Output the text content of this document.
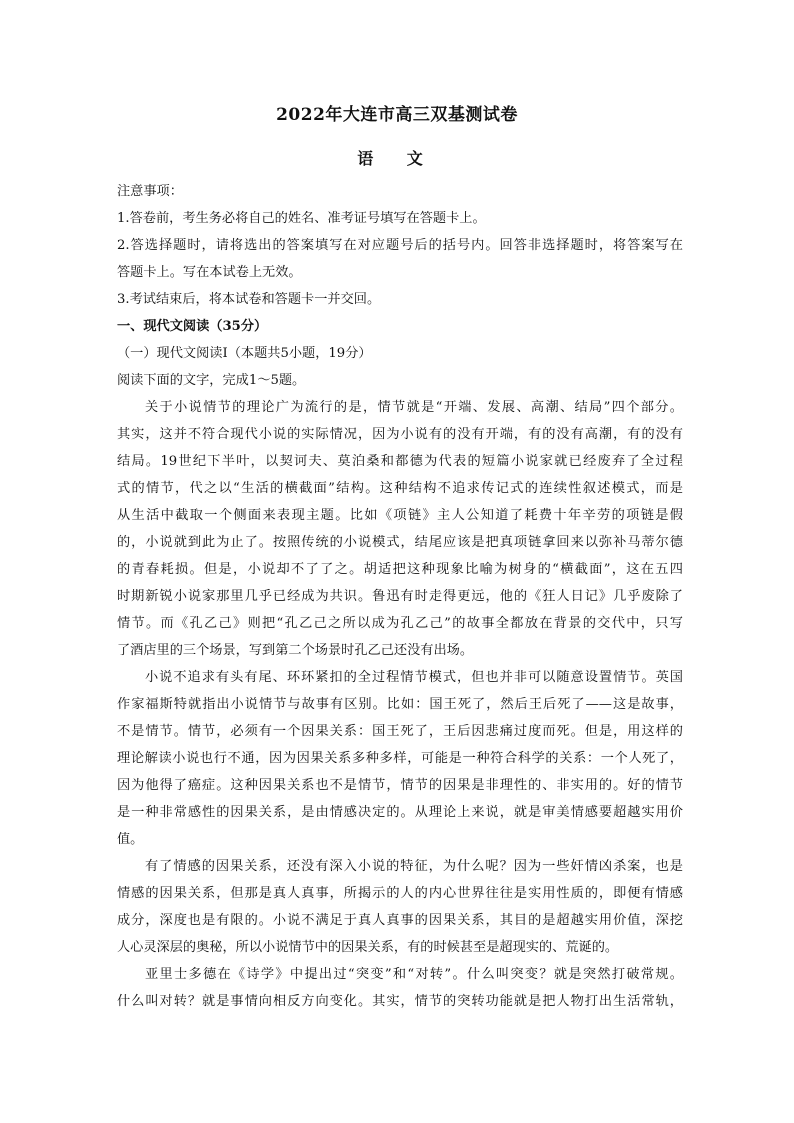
2022年大连市高三双基测试卷
语 文
注意事项：
1.答卷前，考生务必将自己的姓名、准考证号填写在答题卡上。
2.答选择题时，请将选出的答案填写在对应题号后的括号内。回答非选择题时，将答案写在
答题卡上。写在本试卷上无效。
3.考试结束后，将本试卷和答题卡一并交回。
一、现代文阅读（35分）
（一）现代文阅读Ⅰ（本题共5小题，19分）
阅读下面的文字，完成1～5题。
关于小说情节的理论广为流行的是，情节就是“开端、发展、高潮、结局”四个部分。
其实，这并不符合现代小说的实际情况，因为小说有的没有开端，有的没有高潮，有的没有
结局。19世纪下半叶，以契诃夫、莫泊桑和都德为代表的短篇小说家就已经废弃了全过程
式的情节，代之以“生活的横截面”结构。这种结构不追求传记式的连续性叙述模式，而是
从生活中截取一个侧面来表现主题。比如《项链》主人公知道了耗费十年辛劳的项链是假
的，小说就到此为止了。按照传统的小说模式，结尾应该是把真项链拿回来以弥补马蒂尔德
的青春耗损。但是，小说却不了了之。胡适把这种现象比喻为树身的“横截面”，这在五四
时期新锐小说家那里几乎已经成为共识。鲁迅有时走得更远，他的《狂人日记》几乎废除了
情节。而《孔乙己》则把“孔乙己之所以成为孔乙己”的故事全都放在背景的交代中，只写
了酒店里的三个场景，写到第二个场景时孔乙己还没有出场。
小说不追求有头有尾、环环紧扣的全过程情节模式，但也并非可以随意设置情节。英国
作家福斯特就指出小说情节与故事有区别。比如：国王死了，然后王后死了——这是故事，
不是情节。情节，必须有一个因果关系：国王死了，王后因悲痛过度而死。但是，用这样的
理论解读小说也行不通，因为因果关系多种多样，可能是一种符合科学的关系：一个人死了，
因为他得了癌症。这种因果关系也不是情节，情节的因果是非理性的、非实用的。好的情节
是一种非常感性的因果关系，是由情感决定的。从理论上来说，就是审美情感要超越实用价
值。
有了情感的因果关系，还没有深入小说的特征，为什么呢？因为一些奸情凶杀案，也是
情感的因果关系，但那是真人真事，所揭示的人的内心世界往往是实用性质的，即便有情感
成分，深度也是有限的。小说不满足于真人真事的因果关系，其目的是超越实用价值，深挖
人心灵深层的奥秘，所以小说情节中的因果关系，有的时候甚至是超现实的、荒诞的。
亚里士多德在《诗学》中提出过“突变”和“对转”。什么叫突变？就是突然打破常规。
什么叫对转？就是事情向相反方向变化。其实，情节的突转功能就是把人物打出生活常轨，
